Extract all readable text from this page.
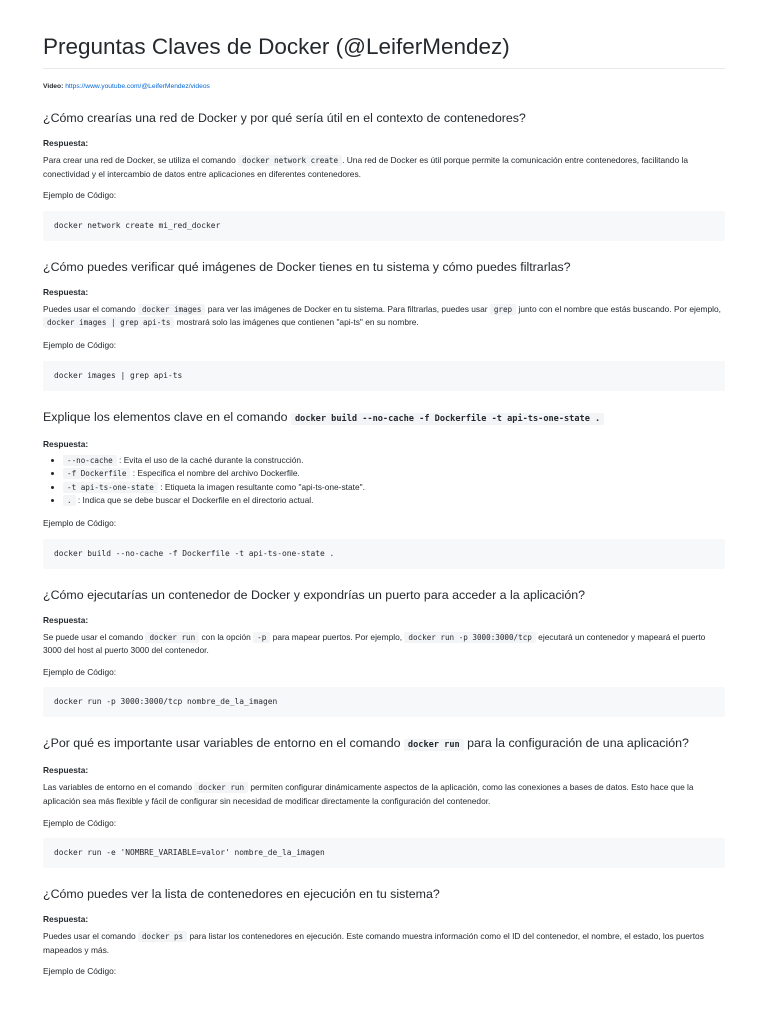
Preguntas Claves de Docker (@LeiferMendez)
Video: https://www.youtube.com/@LeiferMendez/videos
¿Cómo crearías una red de Docker y por qué sería útil en el contexto de contenedores?
Respuesta:

Para crear una red de Docker, se utiliza el comando docker network create . Una red de Docker es útil porque permite la comunicación entre contenedores, facilitando la conectividad y el intercambio de datos entre aplicaciones en diferentes contenedores.

Ejemplo de Código:

docker network create mi_red_docker
¿Cómo puedes verificar qué imágenes de Docker tienes en tu sistema y cómo puedes filtrarlas?
Respuesta:

Puedes usar el comando docker images para ver las imágenes de Docker en tu sistema. Para filtrarlas, puedes usar grep junto con el nombre que estás buscando. Por ejemplo, docker images | grep api-ts mostrará solo las imágenes que contienen "api-ts" en su nombre.

Ejemplo de Código:

docker images | grep api-ts
Explique los elementos clave en el comando docker build --no-cache -f Dockerfile -t api-ts-one-state .
Respuesta:
• --no-cache : Evita el uso de la caché durante la construcción.
• -f Dockerfile : Especifica el nombre del archivo Dockerfile.
• -t api-ts-one-state : Etiqueta la imagen resultante como "api-ts-one-state".
• . : Indica que se debe buscar el Dockerfile en el directorio actual.

Ejemplo de Código:

docker build --no-cache -f Dockerfile -t api-ts-one-state .
¿Cómo ejecutarías un contenedor de Docker y expondrías un puerto para acceder a la aplicación?
Respuesta:

Se puede usar el comando docker run con la opción -p para mapear puertos. Por ejemplo, docker run -p 3000:3000/tcp ejecutará un contenedor y mapeará el puerto 3000 del host al puerto 3000 del contenedor.

Ejemplo de Código:

docker run -p 3000:3000/tcp nombre_de_la_imagen
¿Por qué es importante usar variables de entorno en el comando docker run para la configuración de una aplicación?
Respuesta:

Las variables de entorno en el comando docker run permiten configurar dinámicamente aspectos de la aplicación, como las conexiones a bases de datos. Esto hace que la aplicación sea más flexible y fácil de configurar sin necesidad de modificar directamente la configuración del contenedor.

Ejemplo de Código:

docker run -e 'NOMBRE_VARIABLE=valor' nombre_de_la_imagen
¿Cómo puedes ver la lista de contenedores en ejecución en tu sistema?
Respuesta:

Puedes usar el comando docker ps para listar los contenedores en ejecución. Este comando muestra información como el ID del contenedor, el nombre, el estado, los puertos mapeados y más.

Ejemplo de Código:
